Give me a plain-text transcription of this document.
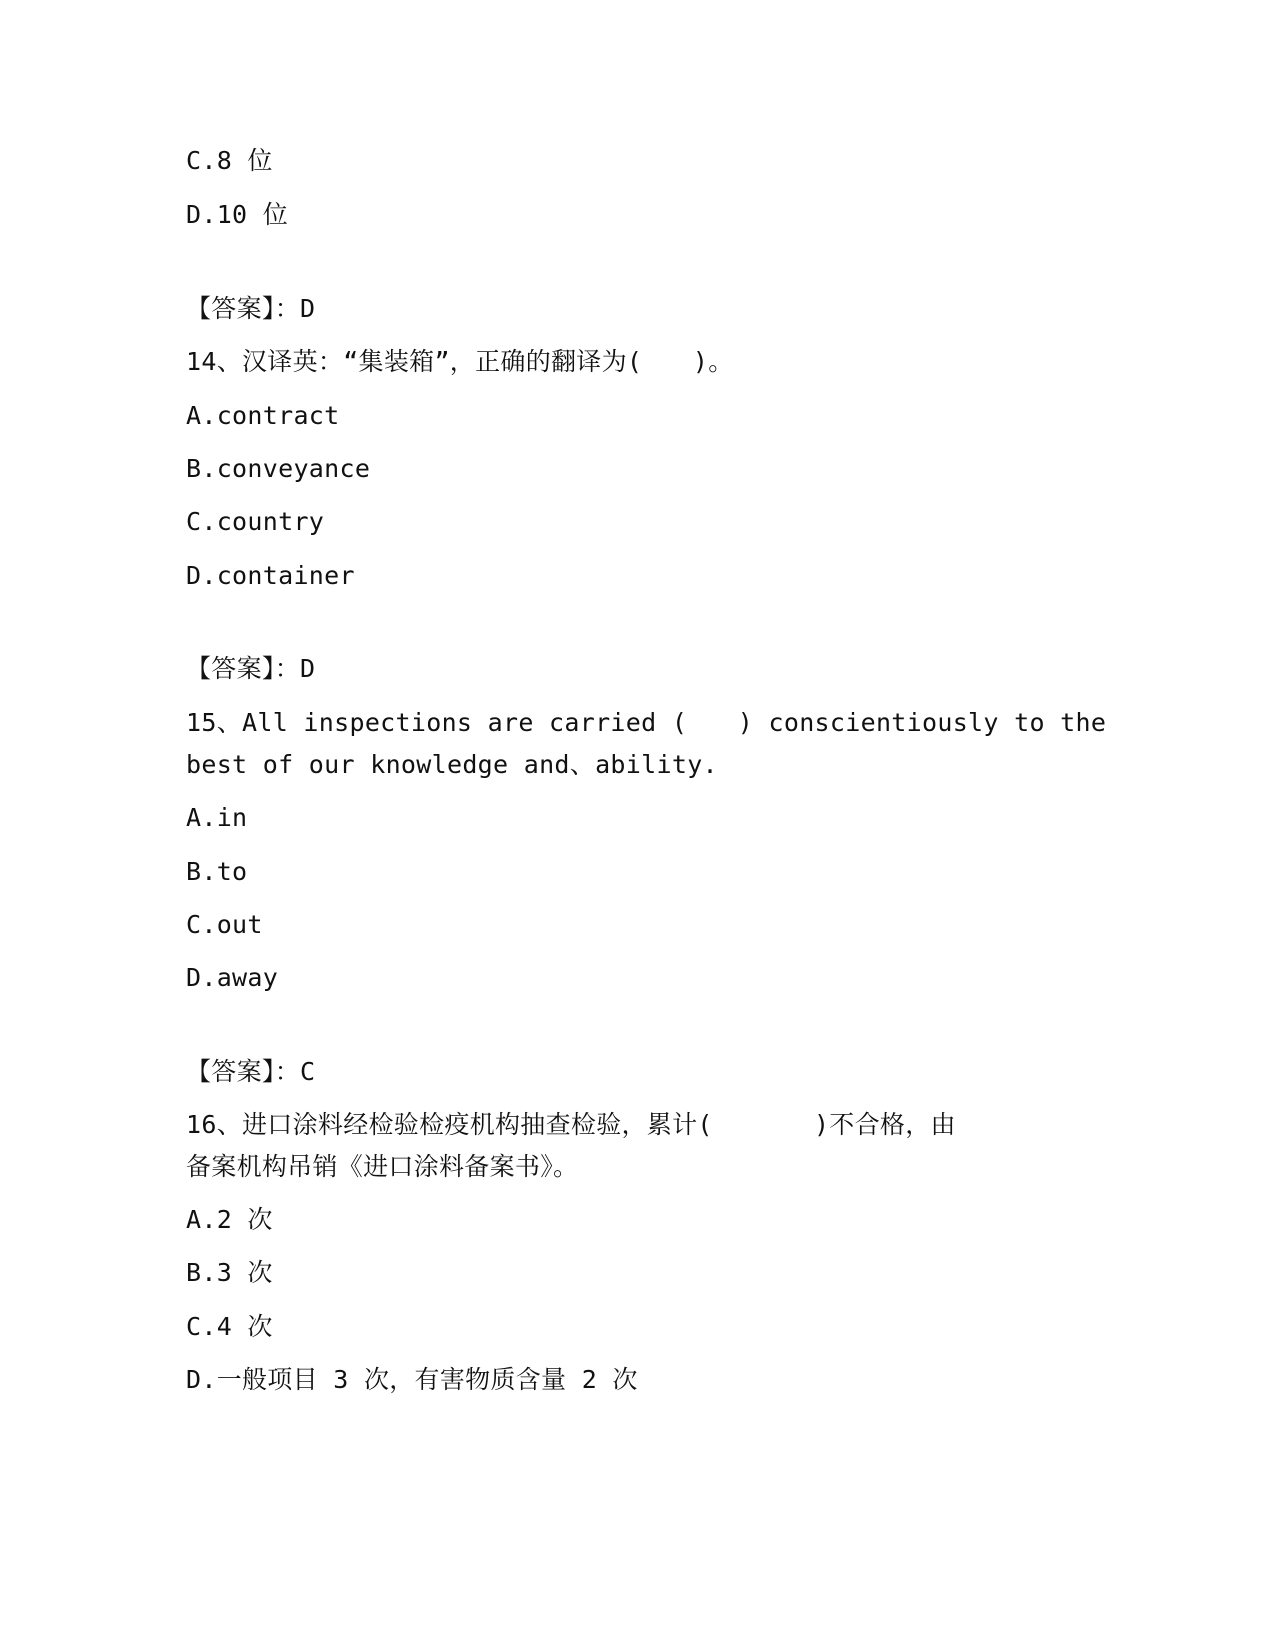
C.8 位
D.10 位
【答案】：D
14、汉译英：“集装箱”，正确的翻译为(　　)。
A.contract
B.conveyance
C.country
D.container
【答案】：D
15、All inspections are carried (　　) conscientiously to the
best of our knowledge and、ability.
A.in
B.to
C.out
D.away
【答案】：C
16、进口涂料经检验检疫机构抽查检验，累计(　　　　)不合格，由
备案机构吊销《进口涂料备案书》。
A.2 次
B.3 次
C.4 次
D.一般项目 3 次，有害物质含量 2 次
